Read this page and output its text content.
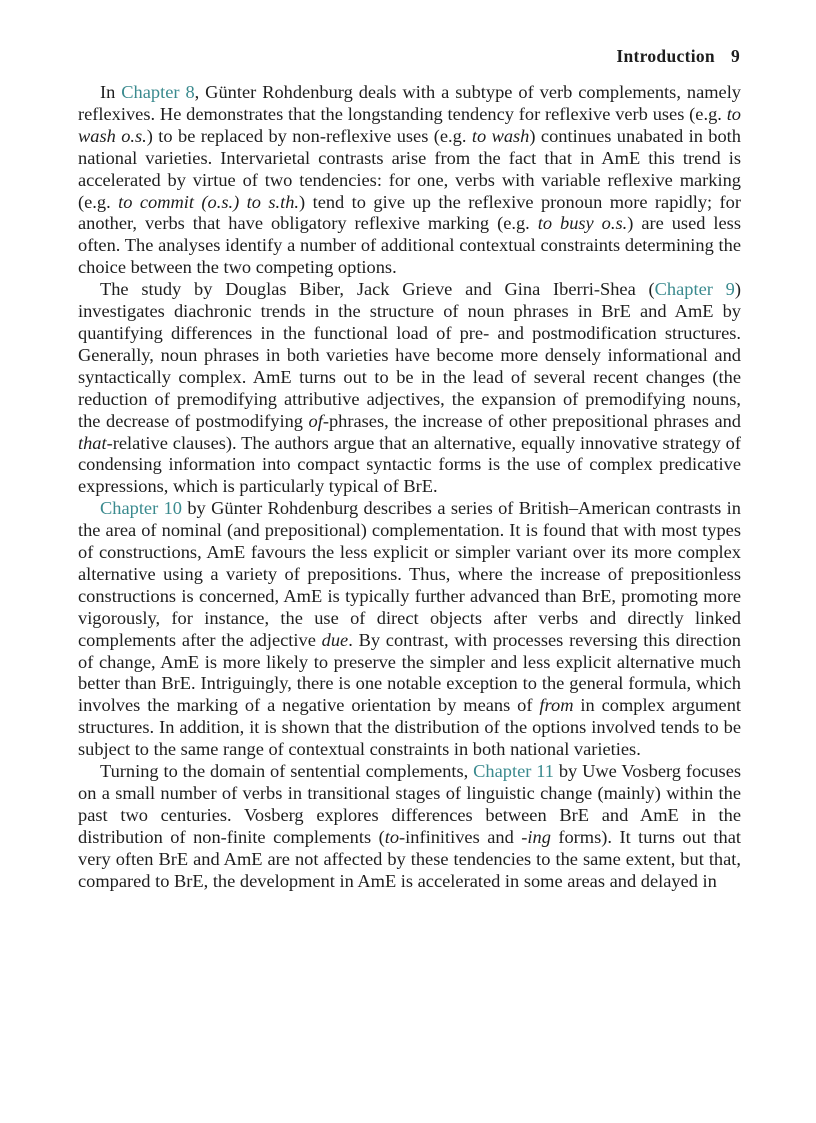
Introduction 9

In Chapter 8, Günter Rohdenburg deals with a subtype of verb complements, namely reflexives. He demonstrates that the longstanding tendency for reflexive verb uses (e.g. to wash o.s.) to be replaced by non-reflexive uses (e.g. to wash) continues unabated in both national varieties. Intervarietal contrasts arise from the fact that in AmE this trend is accelerated by virtue of two tendencies: for one, verbs with variable reflexive marking (e.g. to commit (o.s.) to s.th.) tend to give up the reflexive pronoun more rapidly; for another, verbs that have obligatory reflexive marking (e.g. to busy o.s.) are used less often. The analyses identify a number of additional contextual constraints determining the choice between the two competing options.

The study by Douglas Biber, Jack Grieve and Gina Iberri-Shea (Chapter 9) investigates diachronic trends in the structure of noun phrases in BrE and AmE by quantifying differences in the functional load of pre- and postmodification structures. Generally, noun phrases in both varieties have become more densely informational and syntactically complex. AmE turns out to be in the lead of several recent changes (the reduction of premodifying attributive adjectives, the expansion of premodifying nouns, the decrease of postmodifying of-phrases, the increase of other prepositional phrases and that-relative clauses). The authors argue that an alternative, equally innovative strategy of condensing information into compact syntactic forms is the use of complex predicative expressions, which is particularly typical of BrE.

Chapter 10 by Günter Rohdenburg describes a series of British–American contrasts in the area of nominal (and prepositional) complementation. It is found that with most types of constructions, AmE favours the less explicit or simpler variant over its more complex alternative using a variety of prepositions. Thus, where the increase of prepositionless constructions is concerned, AmE is typically further advanced than BrE, promoting more vigorously, for instance, the use of direct objects after verbs and directly linked complements after the adjective due. By contrast, with processes reversing this direction of change, AmE is more likely to preserve the simpler and less explicit alternative much better than BrE. Intriguingly, there is one notable exception to the general formula, which involves the marking of a negative orientation by means of from in complex argument structures. In addition, it is shown that the distribution of the options involved tends to be subject to the same range of contextual constraints in both national varieties.

Turning to the domain of sentential complements, Chapter 11 by Uwe Vosberg focuses on a small number of verbs in transitional stages of linguistic change (mainly) within the past two centuries. Vosberg explores differences between BrE and AmE in the distribution of non-finite complements (to-infinitives and -ing forms). It turns out that very often BrE and AmE are not affected by these tendencies to the same extent, but that, compared to BrE, the development in AmE is accelerated in some areas and delayed in
